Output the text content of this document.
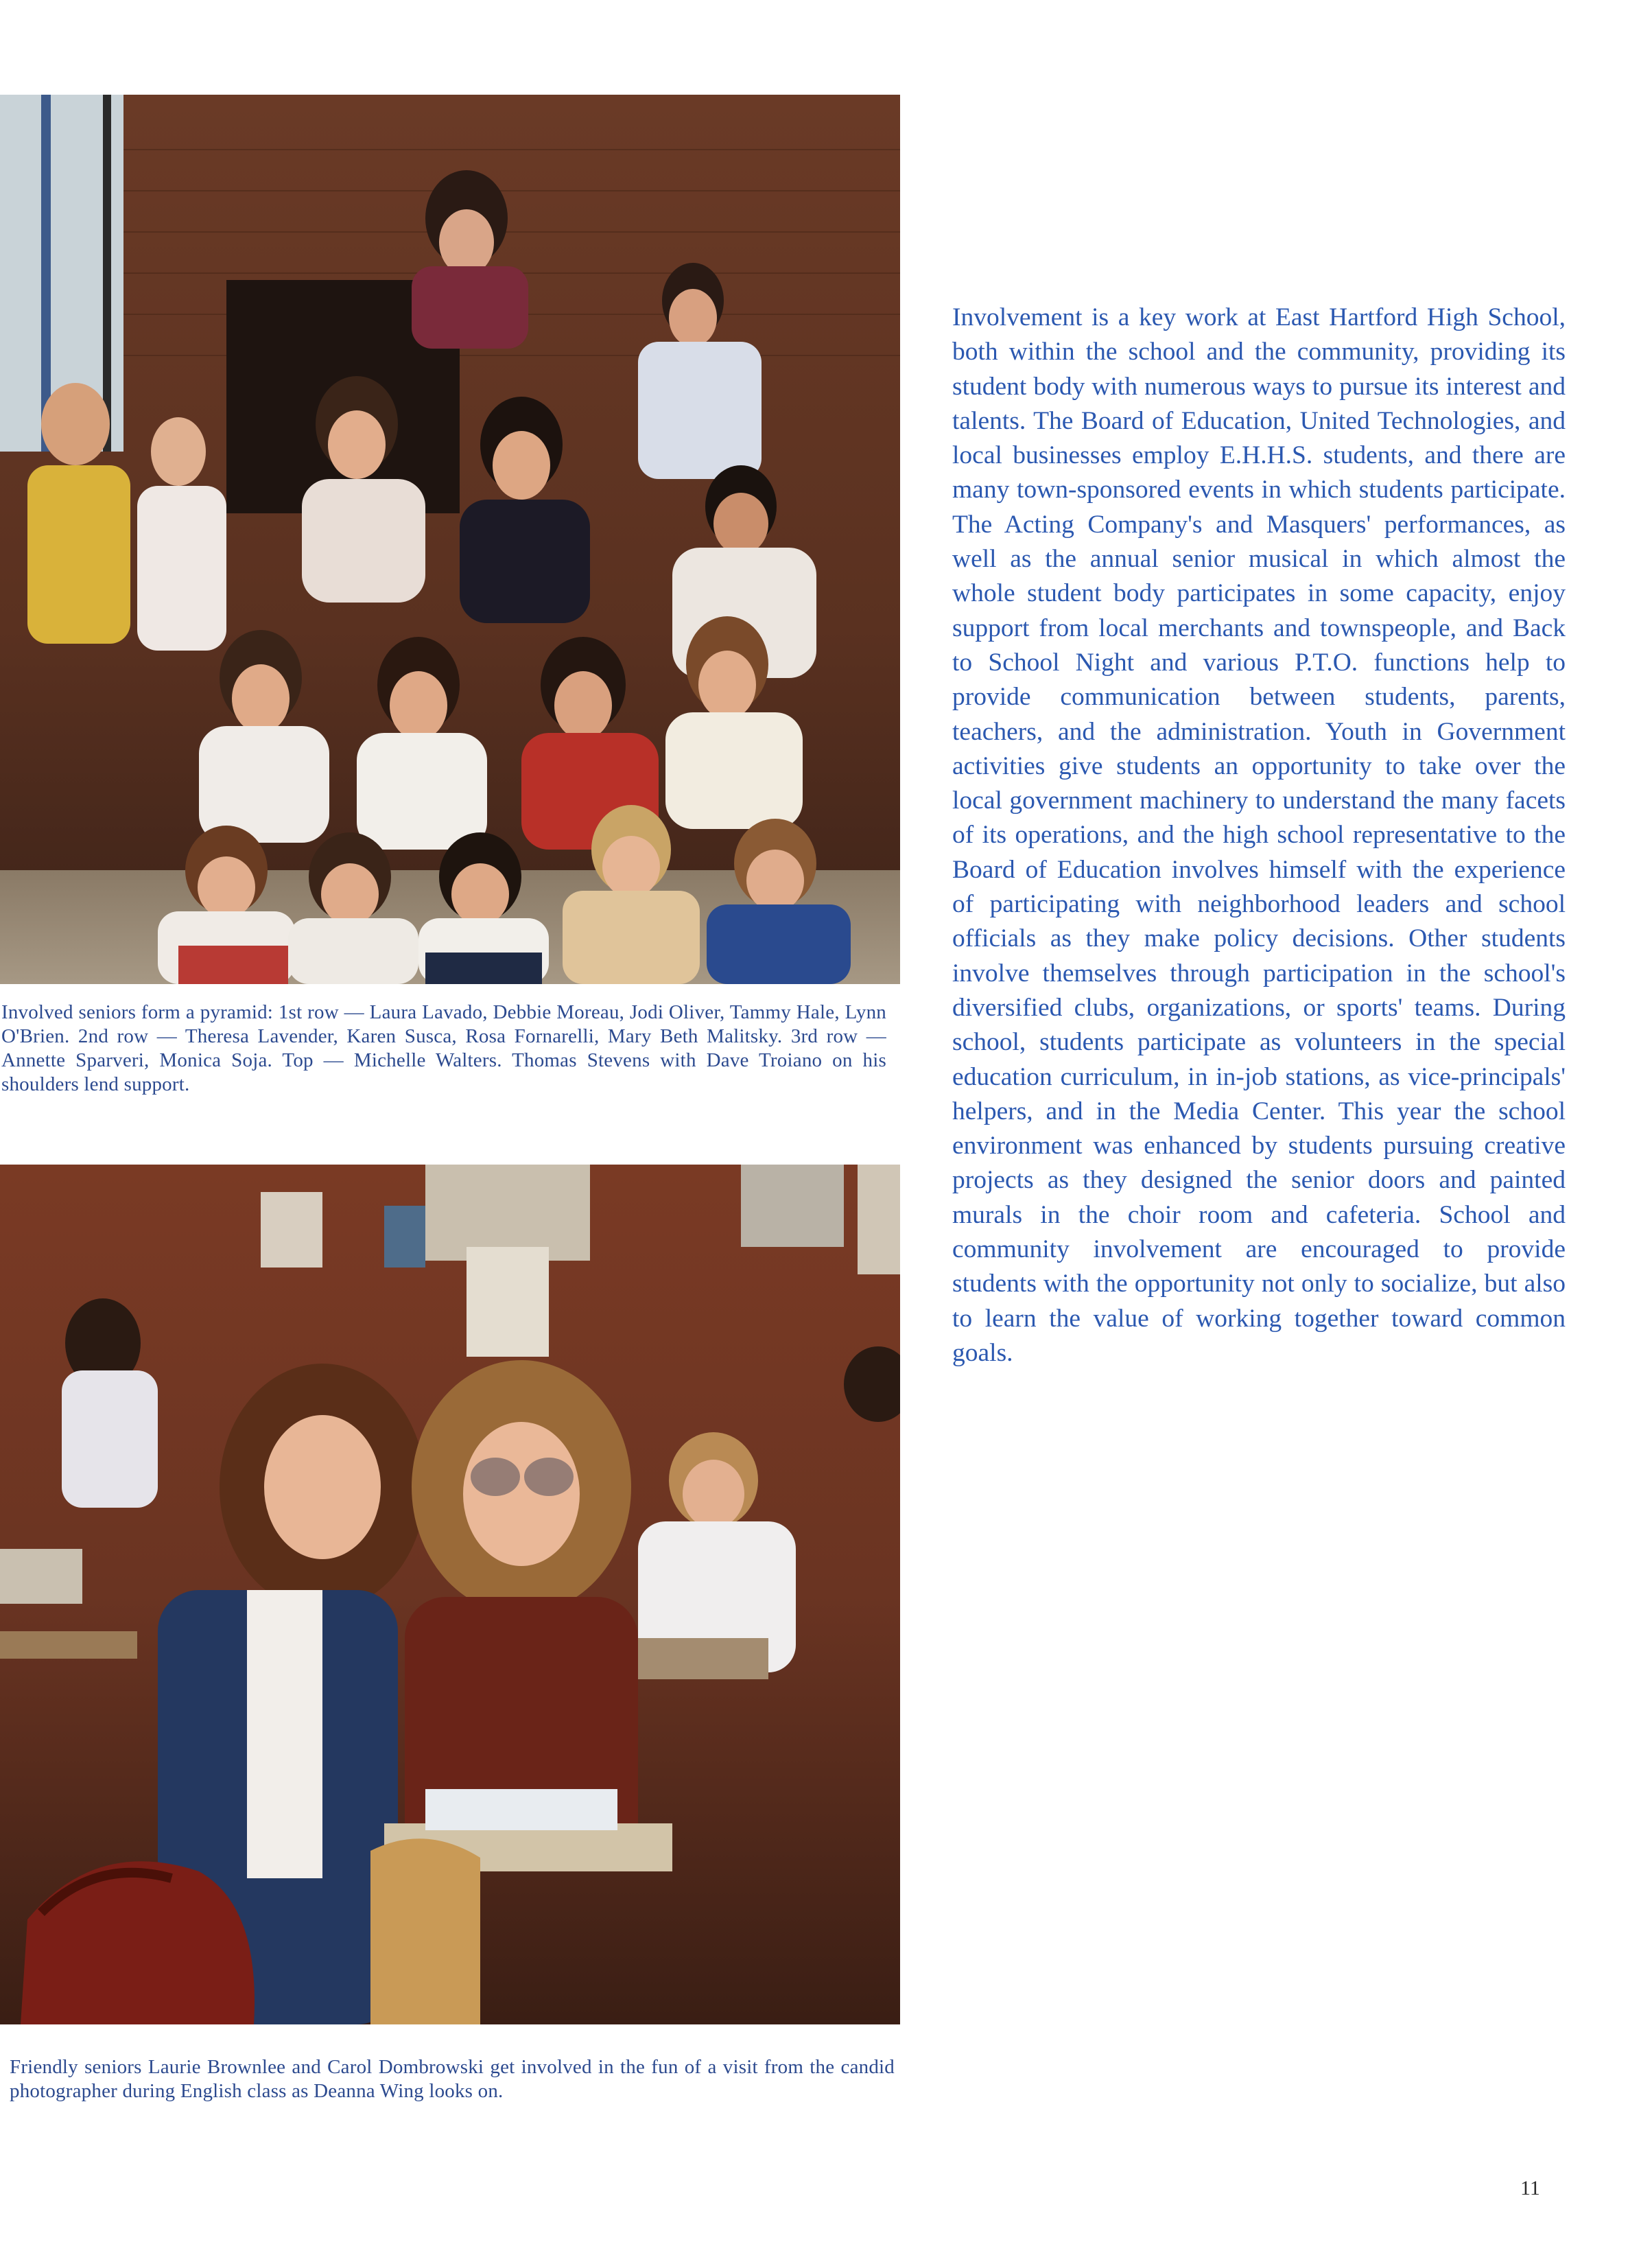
Involved seniors form a pyramid: 1st row — Laura Lavado, Debbie Moreau, Jodi Oliver, Tammy Hale, Lynn O'Brien. 2nd row — Theresa Lavender, Karen Susca, Rosa Fornarelli, Mary Beth Malitsky. 3rd row — Annette Sparveri, Monica Soja. Top — Michelle Walters. Thomas Stevens with Dave Troiano on his shoulders lend support.
Friendly seniors Laurie Brownlee and Carol Dombrowski get involved in the fun of a visit from the candid photographer during English class as Deanna Wing looks on.
Involvement is a key work at East Hartford High School, both within the school and the community, providing its student body with numerous ways to pursue its interest and talents. The Board of Education, United Technologies, and local businesses employ E.H.H.S. students, and there are many town-sponsored events in which students participate. The Acting Company's and Masquers' performances, as well as the annual senior musical in which almost the whole student body participates in some capacity, enjoy support from local merchants and townspeople, and Back to School Night and various P.T.O. functions help to provide communication between students, parents, teachers, and the administration. Youth in Government activities give students an opportunity to take over the local government machinery to understand the many facets of its operations, and the high school representative to the Board of Education involves himself with the experience of participating with neighborhood leaders and school officials as they make policy decisions. Other students involve themselves through participation in the school's diversified clubs, organizations, or sports' teams. During school, students participate as volunteers in the special education curriculum, in in-job stations, as vice-principals' helpers, and in the Media Center. This year the school environment was enhanced by students pursuing creative projects as they designed the senior doors and painted murals in the choir room and cafeteria. School and community involvement are encouraged to provide students with the opportunity not only to socialize, but also to learn the value of working together toward common goals.
11
